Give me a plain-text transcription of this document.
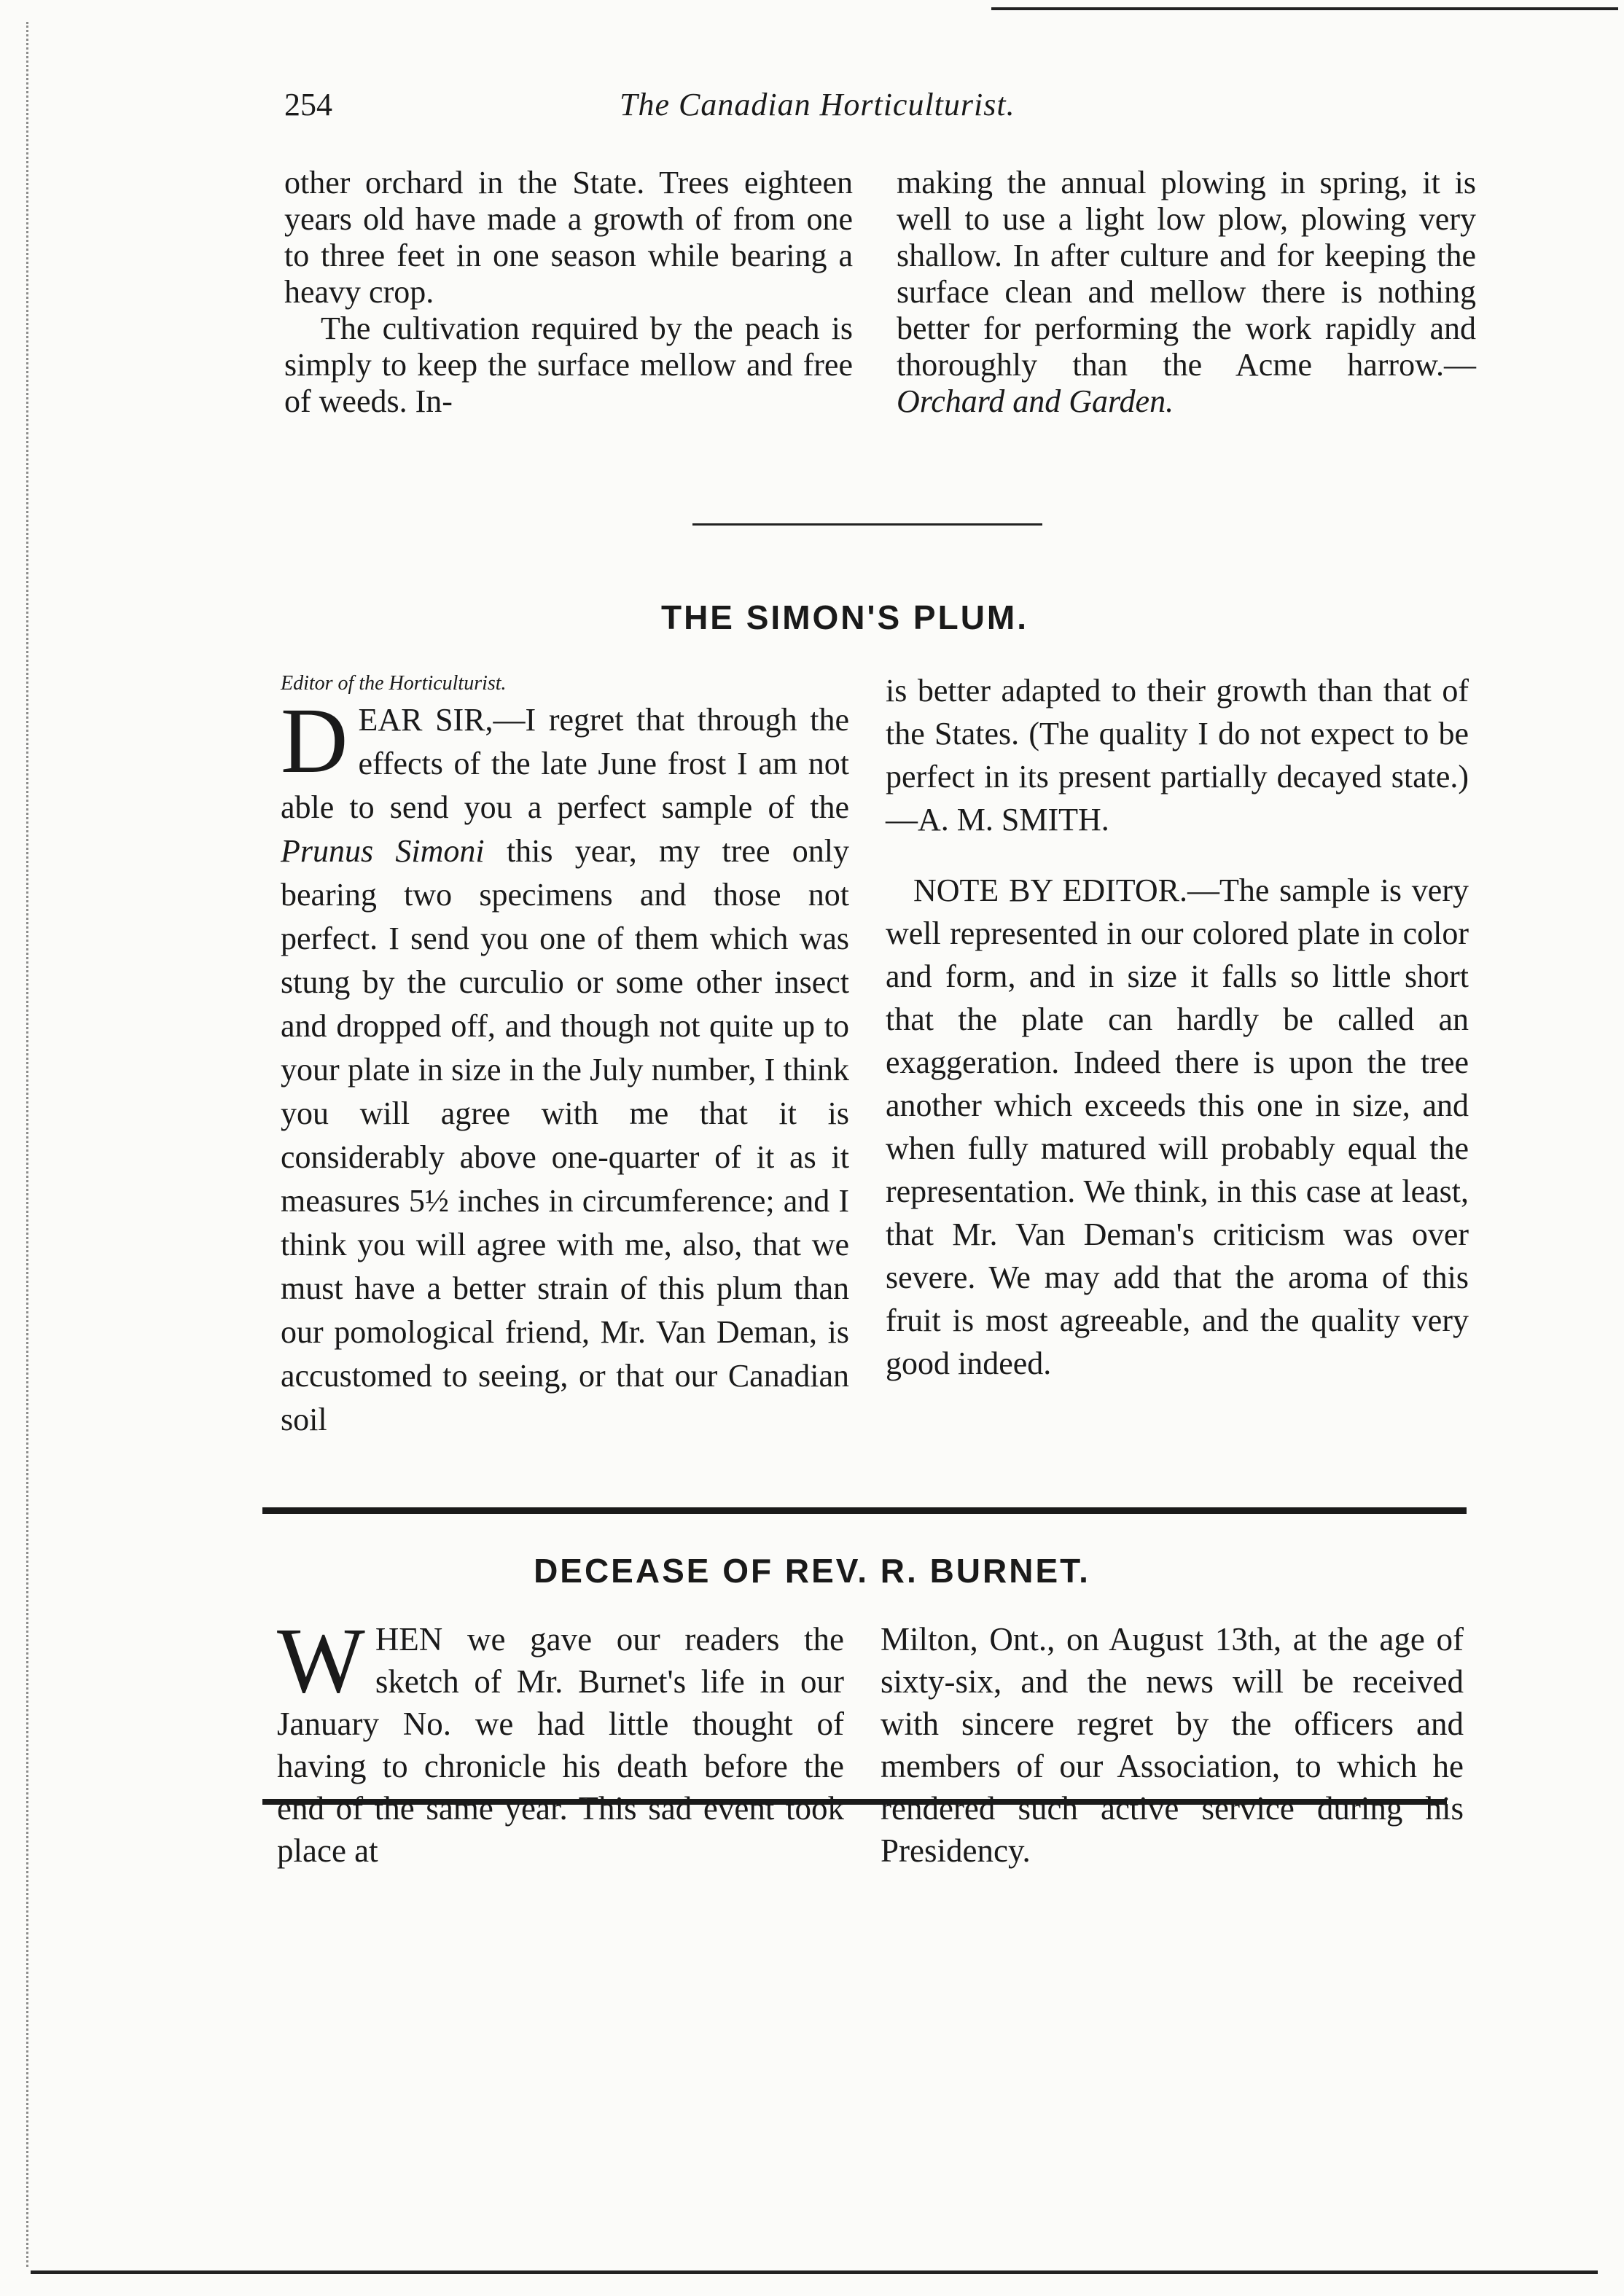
254	The Canadian Horticulturist.

other orchard in the State. Trees eighteen years old have made a growth of from one to three feet in one season while bearing a heavy crop.

The cultivation required by the peach is simply to keep the surface mellow and free of weeds. In-

making the annual plowing in spring, it is well to use a light low plow, plowing very shallow. In after culture and for keeping the surface clean and mellow there is nothing better for performing the work rapidly and thoroughly than the Acme harrow.— Orchard and Garden.

THE SIMON'S PLUM.
Editor of the Horticulturist.

D EAR SIR,—I regret that through the effects of the late June frost I am not able to send you a perfect sample of the Prunus Simoni this year, my tree only bearing two specimens and those not perfect. I send you one of them which was stung by the curculio or some other insect and dropped off, and though not quite up to your plate in size in the July number, I think you will agree with me that it is considerably above one-quarter of it as it measures 5½ inches in circumference; and I think you will agree with me, also, that we must have a better strain of this plum than our pomological friend, Mr. Van Deman, is accustomed to seeing, or that our Canadian soil

is better adapted to their growth than that of the States. (The quality I do not expect to be perfect in its present partially decayed state.)—A. M. SMITH.

NOTE BY EDITOR.—The sample is very well represented in our colored plate in color and form, and in size it falls so little short that the plate can hardly be called an exaggeration. Indeed there is upon the tree another which exceeds this one in size, and when fully matured will probably equal the representation. We think, in this case at least, that Mr. Van Deman's criticism was over severe. We may add that the aroma of this fruit is most agreeable, and the quality very good indeed.

DECEASE OF REV. R. BURNET.

W HEN we gave our readers the sketch of Mr. Burnet's life in our January No. we had little thought of having to chronicle his death before the end of the same year. This sad event took place at

Milton, Ont., on August 13th, at the age of sixty-six, and the news will be received with sincere regret by the officers and members of our Association, to which he rendered such active service during his Presidency.
